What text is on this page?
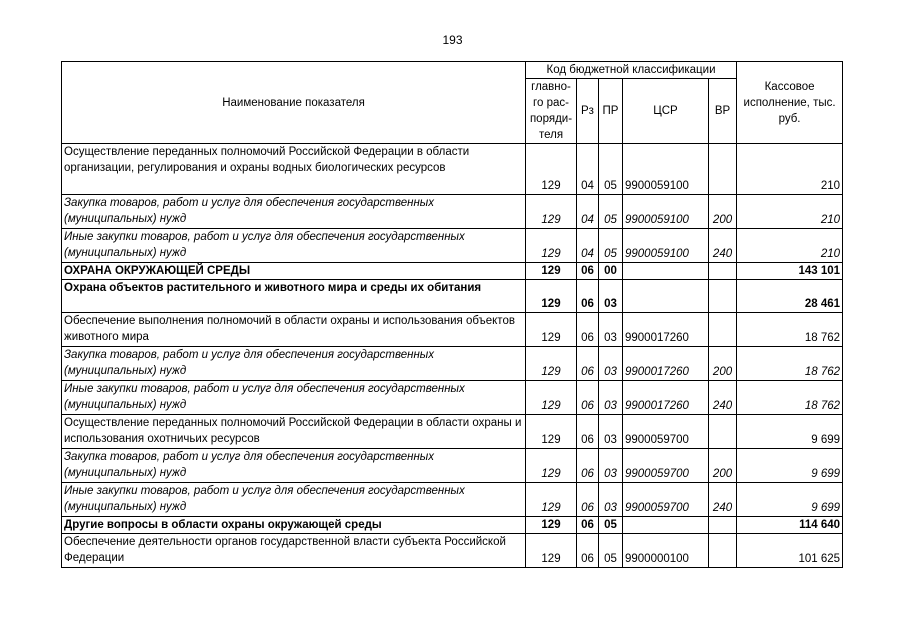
193
Наименование показателя	Код бюджетной классификации					Кассовое исполнение, тыс. руб.
	главно-го рас-поряди-теля	Рз	ПР	ЦСР	ВР	
Осуществление переданных полномочий Российской Федерации в области организации, регулирования и охраны водных биологических ресурсов	129	04	05	9900059100		210
Закупка товаров, работ и услуг для обеспечения государственных (муниципальных) нужд	129	04	05	9900059100	200	210
Иные закупки товаров, работ и услуг для обеспечения государственных (муниципальных) нужд	129	04	05	9900059100	240	210
ОХРАНА ОКРУЖАЮЩЕЙ СРЕДЫ	129	06	00			143 101
Охрана объектов растительного и животного мира и среды их обитания	129	06	03			28 461
Обеспечение выполнения полномочий в области охраны и использования объектов животного мира	129	06	03	9900017260		18 762
Закупка товаров, работ и услуг для обеспечения государственных (муниципальных) нужд	129	06	03	9900017260	200	18 762
Иные закупки товаров, работ и услуг для обеспечения государственных (муниципальных) нужд	129	06	03	9900017260	240	18 762
Осуществление переданных полномочий Российской Федерации в области охраны и использования охотничьих ресурсов	129	06	03	9900059700		9 699
Закупка товаров, работ и услуг для обеспечения государственных (муниципальных) нужд	129	06	03	9900059700	200	9 699
Иные закупки товаров, работ и услуг для обеспечения государственных (муниципальных) нужд	129	06	03	9900059700	240	9 699
Другие вопросы в области охраны окружающей среды	129	06	05			114 640
Обеспечение деятельности органов государственной власти субъекта Российской Федерации	129	06	05	9900000100		101 625
